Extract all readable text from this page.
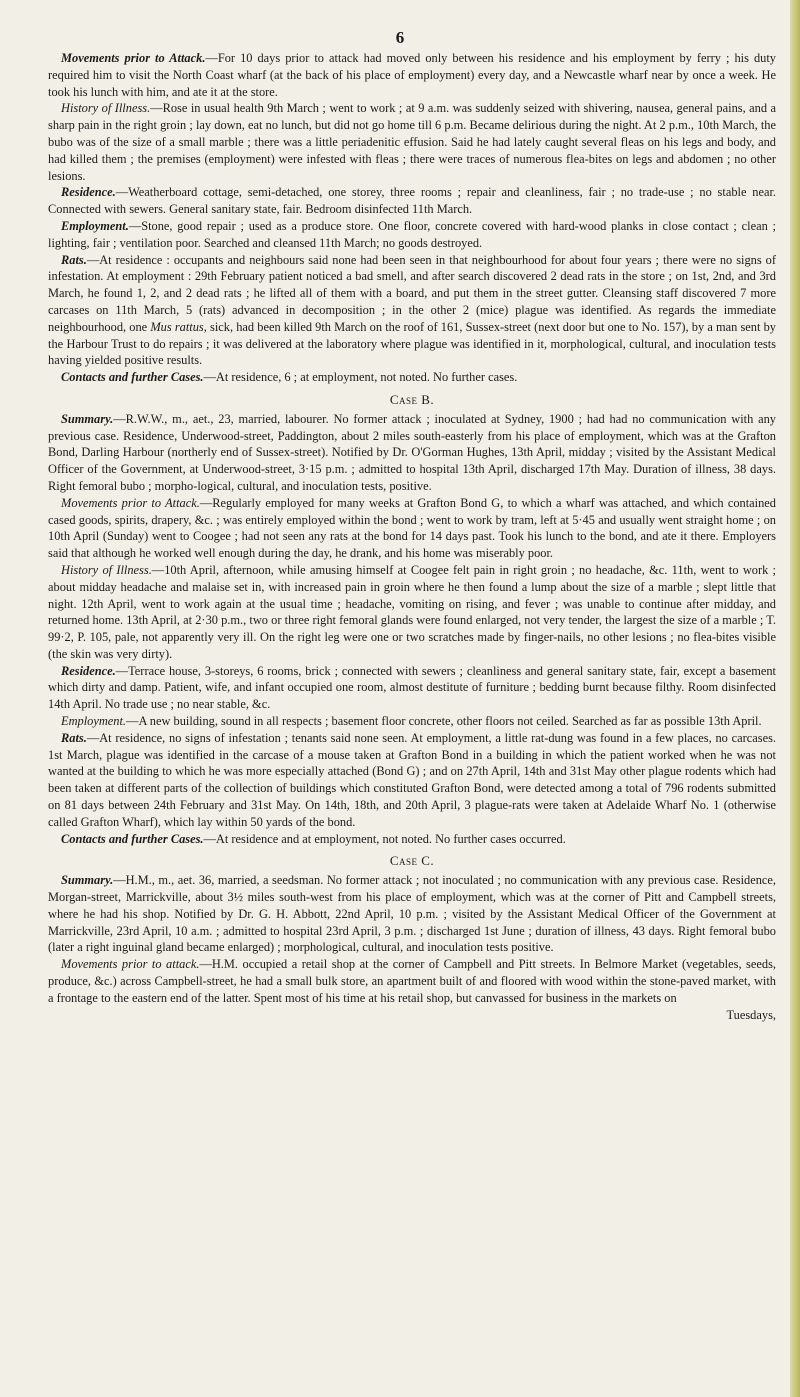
6

Movements prior to Attack.—For 10 days prior to attack had moved only between his residence and his employment by ferry ; his duty required him to visit the North Coast wharf (at the back of his place of employment) every day, and a Newcastle wharf near by once a week. He took his lunch with him, and ate it at the store.

History of Illness.—Rose in usual health 9th March ; went to work ; at 9 a.m. was suddenly seized with shivering, nausea, general pains, and a sharp pain in the right groin ; lay down, eat no lunch, but did not go home till 6 p.m. Became delirious during the night. At 2 p.m., 10th March, the bubo was of the size of a small marble ; there was a little periadenitic effusion. Said he had lately caught several fleas on his legs and body, and had killed them ; the premises (employment) were infested with fleas ; there were traces of numerous flea-bites on legs and abdomen ; no other lesions.

Residence.—Weatherboard cottage, semi-detached, one storey, three rooms ; repair and cleanliness, fair ; no trade-use ; no stable near. Connected with sewers. General sanitary state, fair. Bedroom disinfected 11th March.

Employment.—Stone, good repair ; used as a produce store. One floor, concrete covered with hard-wood planks in close contact ; clean ; lighting, fair ; ventilation poor. Searched and cleansed 11th March; no goods destroyed.

Rats.—At residence : occupants and neighbours said none had been seen in that neighbourhood for about four years ; there were no signs of infestation. At employment : 29th February patient noticed a bad smell, and after search discovered 2 dead rats in the store ; on 1st, 2nd, and 3rd March, he found 1, 2, and 2 dead rats ; he lifted all of them with a board, and put them in the street gutter. Cleansing staff discovered 7 more carcases on 11th March, 5 (rats) advanced in decomposition ; in the other 2 (mice) plague was identified. As regards the immediate neighbourhood, one Mus rattus, sick, had been killed 9th March on the roof of 161, Sussex-street (next door but one to No. 157), by a man sent by the Harbour Trust to do repairs ; it was delivered at the laboratory where plague was identified in it, morphological, cultural, and inoculation tests having yielded positive results.

Contacts and further Cases.—At residence, 6 ; at employment, not noted. No further cases.

Case B.

Summary.—R.W.W., m., aet., 23, married, labourer. No former attack ; inoculated at Sydney, 1900 ; had had no communication with any previous case. Residence, Underwood-street, Paddington, about 2 miles south-easterly from his place of employment, which was at the Grafton Bond, Darling Harbour (northerly end of Sussex-street). Notified by Dr. O'Gorman Hughes, 13th April, midday ; visited by the Assistant Medical Officer of the Government, at Underwood-street, 3·15 p.m. ; admitted to hospital 13th April, discharged 17th May. Duration of illness, 38 days. Right femoral bubo ; morpho-logical, cultural, and inoculation tests, positive.

Movements prior to Attack.—Regularly employed for many weeks at Grafton Bond G, to which a wharf was attached, and which contained cased goods, spirits, drapery, &c. ; was entirely employed within the bond ; went to work by tram, left at 5·45 and usually went straight home ; on 10th April (Sunday) went to Coogee ; had not seen any rats at the bond for 14 days past. Took his lunch to the bond, and ate it there. Employers said that although he worked well enough during the day, he drank, and his home was miserably poor.

History of Illness.—10th April, afternoon, while amusing himself at Coogee felt pain in right groin ; no headache, &c. 11th, went to work ; about midday headache and malaise set in, with increased pain in groin where he then found a lump about the size of a marble ; slept little that night. 12th April, went to work again at the usual time ; headache, vomiting on rising, and fever ; was unable to continue after midday, and returned home. 13th April, at 2·30 p.m., two or three right femoral glands were found enlarged, not very tender, the largest the size of a marble ; T. 99·2, P. 105, pale, not apparently very ill. On the right leg were one or two scratches made by finger-nails, no other lesions ; no flea-bites visible (the skin was very dirty).

Residence.—Terrace house, 3-storeys, 6 rooms, brick ; connected with sewers ; cleanliness and general sanitary state, fair, except a basement which dirty and damp. Patient, wife, and infant occupied one room, almost destitute of furniture ; bedding burnt because filthy. Room disinfected 14th April. No trade use ; no near stable, &c.

Employment.—A new building, sound in all respects ; basement floor concrete, other floors not ceiled. Searched as far as possible 13th April.

Rats.—At residence, no signs of infestation ; tenants said none seen. At employment, a little rat-dung was found in a few places, no carcases. 1st March, plague was identified in the carcase of a mouse taken at Grafton Bond in a building in which the patient worked when he was not wanted at the building to which he was more especially attached (Bond G) ; and on 27th April, 14th and 31st May other plague rodents which had been taken at different parts of the collection of buildings which constituted Grafton Bond, were detected among a total of 796 rodents submitted on 81 days between 24th February and 31st May. On 14th, 18th, and 20th April, 3 plague-rats were taken at Adelaide Wharf No. 1 (otherwise called Grafton Wharf), which lay within 50 yards of the bond.

Contacts and further Cases.—At residence and at employment, not noted. No further cases occurred.

Case C.

Summary.—H.M., m., aet. 36, married, a seedsman. No former attack ; not inoculated ; no communication with any previous case. Residence, Morgan-street, Marrickville, about 3½ miles south-west from his place of employment, which was at the corner of Pitt and Campbell streets, where he had his shop. Notified by Dr. G. H. Abbott, 22nd April, 10 p.m. ; visited by the Assistant Medical Officer of the Government at Marrickville, 23rd April, 10 a.m. ; admitted to hospital 23rd April, 3 p.m. ; discharged 1st June ; duration of illness, 43 days. Right femoral bubo (later a right inguinal gland became enlarged) ; morphological, cultural, and inoculation tests positive.

Movements prior to attack.—H.M. occupied a retail shop at the corner of Campbell and Pitt streets. In Belmore Market (vegetables, seeds, produce, &c.) across Campbell-street, he had a small bulk store, an apartment built of and floored with wood within the stone-paved market, with a frontage to the eastern end of the latter. Spent most of his time at his retail shop, but canvassed for business in the markets on

Tuesdays,
